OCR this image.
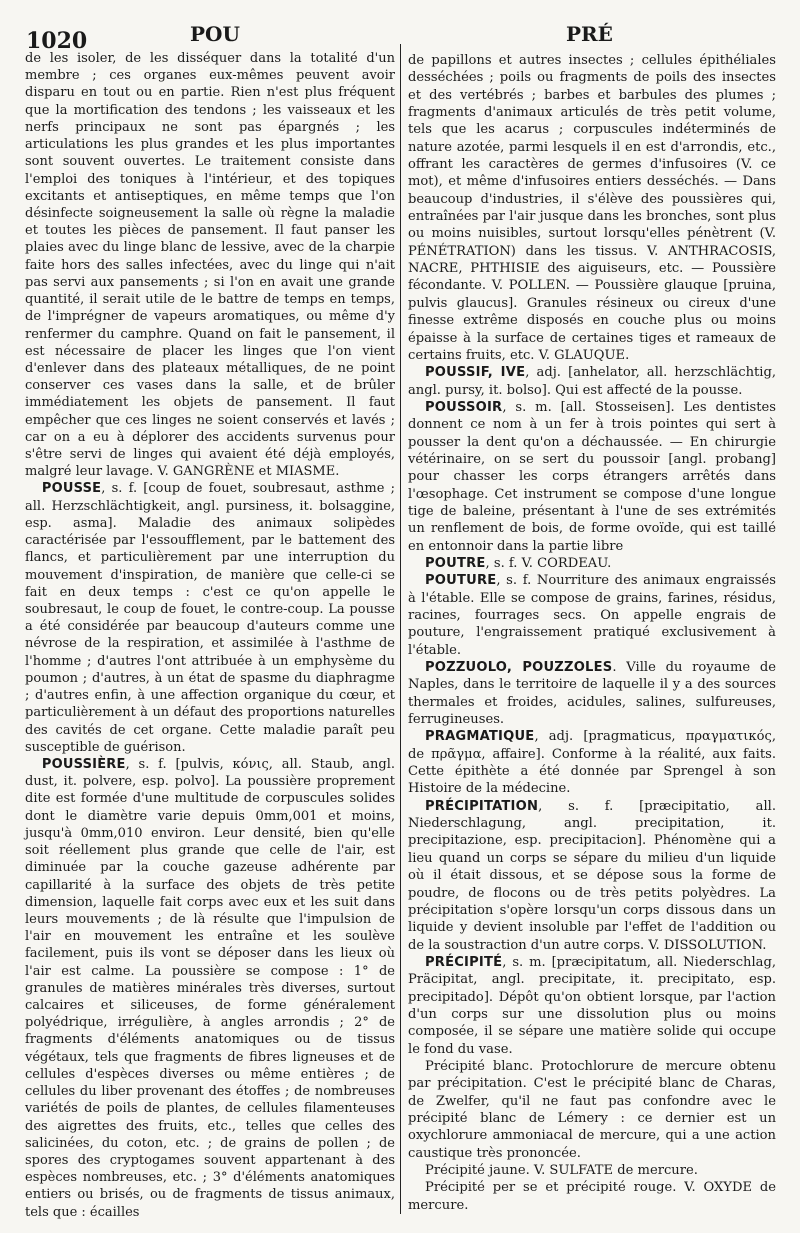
1020	POU	PRÉ

de les isoler, de les disséquer dans la totalité d'un membre ; ces organes eux-mêmes peuvent avoir disparu en tout ou en partie. Rien n'est plus fréquent que la mortification des tendons ; les vaisseaux et les nerfs principaux ne sont pas épargnés ; les articulations les plus grandes et les plus importantes sont souvent ouvertes. Le traitement consiste dans l'emploi des toniques à l'intérieur, et des topiques excitants et antiseptiques, en même temps que l'on désinfecte soigneusement la salle où règne la maladie et toutes les pièces de pansement. Il faut panser les plaies avec du linge blanc de lessive, avec de la charpie faite hors des salles infectées, avec du linge qui n'ait pas servi aux pansements ; si l'on en avait une grande quantité, il serait utile de le battre de temps en temps, de l'imprégner de vapeurs aromatiques, ou même d'y renfermer du camphre. Quand on fait le pansement, il est nécessaire de placer les linges que l'on vient d'enlever dans des plateaux métalliques, de ne point conserver ces vases dans la salle, et de brûler immédiatement les objets de pansement. Il faut empêcher que ces linges ne soient conservés et lavés ; car on a eu à déplorer des accidents survenus pour s'être servi de linges qui avaient été déjà employés, malgré leur lavage. V. GANGRÈNE et MIASME.

POUSSE, s. f. [coup de fouet, soubresaut, asthme ; all. Herzschlächtigkeit, angl. pursiness, it. bolsaggine, esp. asma]. Maladie des animaux solipèdes caractérisée par l'essoufflement, par le battement des flancs, et particulièrement par une interruption du mouvement d'inspiration, de manière que celle-ci se fait en deux temps : c'est ce qu'on appelle le soubresaut, le coup de fouet, le contre-coup. La pousse a été considérée par beaucoup d'auteurs comme une névrose de la respiration, et assimilée à l'asthme de l'homme ; d'autres l'ont attribuée à un emphysème du poumon ; d'autres, à un état de spasme du diaphragme ; d'autres enfin, à une affection organique du cœur, et particulièrement à un défaut des proportions naturelles des cavités de cet organe. Cette maladie paraît peu susceptible de guérison.

POUSSIÈRE, s. f. [pulvis, κόνις, all. Staub, angl. dust, it. polvere, esp. polvo]. La poussière proprement dite est formée d'une multitude de corpuscules solides dont le diamètre varie depuis 0mm,001 et moins, jusqu'à 0mm,010 environ. Leur densité, bien qu'elle soit réellement plus grande que celle de l'air, est diminuée par la couche gazeuse adhérente par capillarité à la surface des objets de très petite dimension, laquelle fait corps avec eux et les suit dans leurs mouvements ; de là résulte que l'impulsion de l'air en mouvement les entraîne et les soulève facilement, puis ils vont se déposer dans les lieux où l'air est calme. La poussière se compose : 1° de granules de matières minérales très diverses, surtout calcaires et siliceuses, de forme généralement polyédrique, irrégulière, à angles arrondis ; 2° de fragments d'éléments anatomiques ou de tissus végétaux, tels que fragments de fibres ligneuses et de cellules d'espèces diverses ou même entières ; de cellules du liber provenant des étoffes ; de nombreuses variétés de poils de plantes, de cellules filamenteuses des aigrettes des fruits, etc., telles que celles des salicinées, du coton, etc. ; de grains de pollen ; de spores des cryptogames souvent appartenant à des espèces nombreuses, etc. ; 3° d'éléments anatomiques entiers ou brisés, ou de fragments de tissus animaux, tels que : écailles

de papillons et autres insectes ; cellules épithéliales desséchées ; poils ou fragments de poils des insectes et des vertébrés ; barbes et barbules des plumes ; fragments d'animaux articulés de très petit volume, tels que les acarus ; corpuscules indéterminés de nature azotée, parmi lesquels il en est d'arrondis, etc., offrant les caractères de germes d'infusoires (V. ce mot), et même d'infusoires entiers desséchés. — Dans beaucoup d'industries, il s'élève des poussières qui, entraînées par l'air jusque dans les bronches, sont plus ou moins nuisibles, surtout lorsqu'elles pénètrent (V. PÉNÉTRATION) dans les tissus. V. ANTHRACOSIS, NACRE, PHTHISIE des aiguiseurs, etc. — Poussière fécondante. V. POLLEN. — Poussière glauque [pruina, pulvis glaucus]. Granules résineux ou cireux d'une finesse extrême disposés en couche plus ou moins épaisse à la surface de certaines tiges et rameaux de certains fruits, etc. V. GLAUQUE.

POUSSIF, IVE, adj. [anhelator, all. herzschlächtig, angl. pursy, it. bolso]. Qui est affecté de la pousse.

POUSSOIR, s. m. [all. Stosseisen]. Les dentistes donnent ce nom à un fer à trois pointes qui sert à pousser la dent qu'on a déchaussée. — En chirurgie vétérinaire, on se sert du poussoir [angl. probang] pour chasser les corps étrangers arrêtés dans l'œsophage. Cet instrument se compose d'une longue tige de baleine, présentant à l'une de ses extrémités un renflement de bois, de forme ovoïde, qui est taillé en entonnoir dans la partie libre

POUTRE, s. f. V. CORDEAU.

POUTURE, s. f. Nourriture des animaux engraissés à l'étable. Elle se compose de grains, farines, résidus, racines, fourrages secs. On appelle engrais de pouture, l'engraissement pratiqué exclusivement à l'étable.

POZZUOLO, POUZZOLES. Ville du royaume de Naples, dans le territoire de laquelle il y a des sources thermales et froides, acidules, salines, sulfureuses, ferrugineuses.

PRAGMATIQUE, adj. [pragmaticus, πραγματικός, de πρᾶγμα, affaire]. Conforme à la réalité, aux faits. Cette épithète a été donnée par Sprengel à son Histoire de la médecine.

PRÉCIPITATION, s. f. [præcipitatio, all. Niederschlagung, angl. precipitation, it. precipitazione, esp. precipitacion]. Phénomène qui a lieu quand un corps se sépare du milieu d'un liquide où il était dissous, et se dépose sous la forme de poudre, de flocons ou de très petits polyèdres. La précipitation s'opère lorsqu'un corps dissous dans un liquide y devient insoluble par l'effet de l'addition ou de la soustraction d'un autre corps. V. DISSOLUTION.

PRÉCIPITÉ, s. m. [præcipitatum, all. Niederschlag, Präcipitat, angl. precipitate, it. precipitato, esp. precipitado]. Dépôt qu'on obtient lorsque, par l'action d'un corps sur une dissolution plus ou moins composée, il se sépare une matière solide qui occupe le fond du vase.

Précipité blanc. Protochlorure de mercure obtenu par précipitation. C'est le précipité blanc de Charas, de Zwelfer, qu'il ne faut pas confondre avec le précipité blanc de Lémery : ce dernier est un oxychlorure ammoniacal de mercure, qui a une action caustique très prononcée.

Précipité jaune. V. SULFATE de mercure.

Précipité per se et précipité rouge. V. OXYDE de mercure.
